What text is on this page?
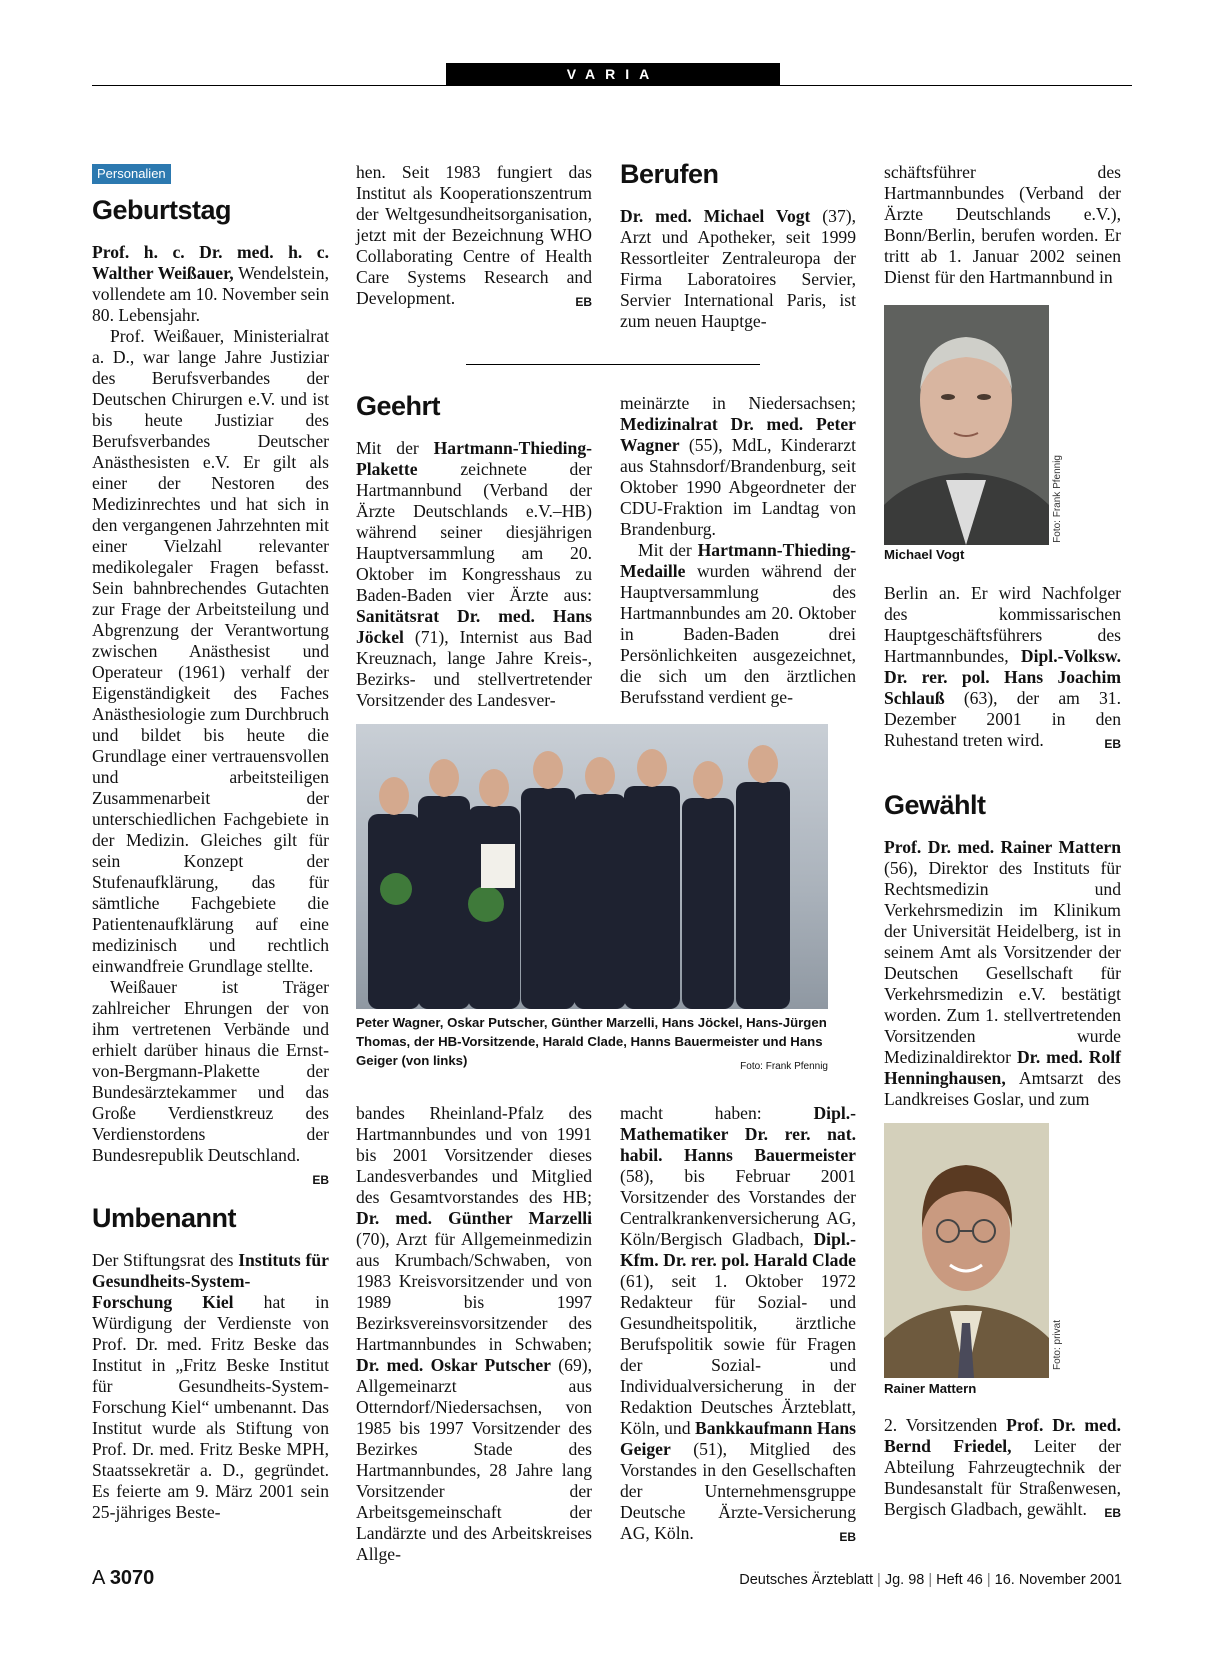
VARIA
Personalien
Geburtstag

Prof. h. c. Dr. med. h. c. Walther Weißauer, Wendelstein, vollendete am 10. November sein 80. Lebensjahr.

Prof. Weißauer, Ministerialrat a. D., war lange Jahre Justiziar des Berufsverbandes der Deutschen Chirurgen e.V. und ist bis heute Justiziar des Berufsverbandes Deutscher Anästhesisten e.V. Er gilt als einer der Nestoren des Medizinrechtes und hat sich in den vergangenen Jahrzehnten mit einer Vielzahl relevanter medikolegaler Fragen befasst. Sein bahnbrechendes Gutachten zur Frage der Arbeitsteilung und Abgrenzung der Verantwortung zwischen Anästhesist und Operateur (1961) verhalf der Eigenständigkeit des Faches Anästhesiologie zum Durchbruch und bildet bis heute die Grundlage einer vertrauensvollen und arbeitsteiligen Zusammenarbeit der unterschiedlichen Fachgebiete in der Medizin. Gleiches gilt für sein Konzept der Stufenaufklärung, das für sämtliche Fachgebiete die Patientenaufklärung auf eine medizinisch und rechtlich einwandfreie Grundlage stellte.

Weißauer ist Träger zahlreicher Ehrungen der von ihm vertretenen Verbände und erhielt darüber hinaus die Ernst-von-Bergmann-Plakette der Bundesärztekammer und das Große Verdienstkreuz des Verdienstordens der Bundesrepublik Deutschland.
EB

Umbenannt

Der Stiftungsrat des Instituts für Gesundheits-System-Forschung Kiel hat in Würdigung der Verdienste von Prof. Dr. med. Fritz Beske das Institut in „Fritz Beske Institut für Gesundheits-System-Forschung Kiel“ umbenannt. Das Institut wurde als Stiftung von Prof. Dr. med. Fritz Beske MPH, Staatssekretär a. D., gegründet. Es feierte am 9. März 2001 sein 25-jähriges Beste-

hen. Seit 1983 fungiert das Institut als Kooperationszentrum der Weltgesundheitsorganisation, jetzt mit der Bezeichnung WHO Collaborating Centre of Health Care Systems Research and Development.	EB

Berufen

Dr. med. Michael Vogt (37), Arzt und Apotheker, seit 1999 Ressortleiter Zentraleuropa der Firma Laboratoires Servier, Servier International Paris, ist zum neuen Hauptge-

schäftsführer des Hartmannbundes (Verband der Ärzte Deutschlands e.V.), Bonn/Berlin, berufen worden. Er tritt ab 1. Januar 2002 seinen Dienst für den Hartmannbund in

Foto: Frank Pfennig
Michael Vogt

Berlin an. Er wird Nachfolger des kommissarischen Hauptgeschäftsführers des Hartmannbundes, Dipl.-Volksw. Dr. rer. pol. Hans Joachim Schlauß (63), der am 31. Dezember 2001 in den Ruhestand treten wird.	EB

Gewählt

Prof. Dr. med. Rainer Mattern (56), Direktor des Instituts für Rechtsmedizin und Verkehrsmedizin im Klinikum der Universität Heidelberg, ist in seinem Amt als Vorsitzender der Deutschen Gesellschaft für Verkehrsmedizin e.V. bestätigt worden. Zum 1. stellvertretenden Vorsitzenden wurde Medizinaldirektor Dr. med. Rolf Henninghausen, Amtsarzt des Landkreises Goslar, und zum

Foto: privat
Rainer Mattern

2. Vorsitzenden Prof. Dr. med. Bernd Friedel, Leiter der Abteilung Fahrzeugtechnik der Bundesanstalt für Straßenwesen, Bergisch Gladbach, gewählt. EB

Geehrt

Mit der Hartmann-Thieding-Plakette zeichnete der Hartmannbund (Verband der Ärzte Deutschlands e.V.–HB) während seiner diesjährigen Hauptversammlung am 20. Oktober im Kongresshaus zu Baden-Baden vier Ärzte aus: Sanitätsrat Dr. med. Hans Jöckel (71), Internist aus Bad Kreuznach, lange Jahre Kreis-, Bezirks- und stellvertretender Vorsitzender des Landesver-

meinärzte in Niedersachsen; Medizinalrat Dr. med. Peter Wagner (55), MdL, Kinderarzt aus Stahnsdorf/Brandenburg, seit Oktober 1990 Abgeordneter der CDU-Fraktion im Landtag von Brandenburg.

Mit der Hartmann-Thieding-Medaille wurden während der Hauptversammlung des Hartmannbundes am 20. Oktober in Baden-Baden drei Persönlichkeiten ausgezeichnet, die sich um den ärztlichen Berufsstand verdient ge-

Peter Wagner, Oskar Putscher, Günther Marzelli, Hans Jöckel, Hans-Jürgen Thomas, der HB-Vorsitzende, Harald Clade, Hanns Bauermeister und Hans Geiger (von links)	Foto: Frank Pfennig

bandes Rheinland-Pfalz des Hartmannbundes und von 1991 bis 2001 Vorsitzender dieses Landesverbandes und Mitglied des Gesamtvorstandes des HB; Dr. med. Günther Marzelli (70), Arzt für Allgemeinmedizin aus Krumbach/Schwaben, von 1983 Kreisvorsitzender und von 1989 bis 1997 Bezirksvereinsvorsitzender des Hartmannbundes in Schwaben; Dr. med. Oskar Putscher (69), Allgemeinarzt aus Otterndorf/Niedersachsen, von 1985 bis 1997 Vorsitzender des Bezirkes Stade des Hartmannbundes, 28 Jahre lang Vorsitzender der Arbeitsgemeinschaft der Landärzte und des Arbeitskreises Allge-

macht haben: Dipl.-Mathematiker Dr. rer. nat. habil. Hanns Bauermeister (58), bis Februar 2001 Vorsitzender des Vorstandes der Centralkrankenversicherung AG, Köln/Bergisch Gladbach, Dipl.-Kfm. Dr. rer. pol. Harald Clade (61), seit 1. Oktober 1972 Redakteur für Sozial- und Gesundheitspolitik, ärztliche Berufspolitik sowie für Fragen der Sozial- und Individualversicherung in der Redaktion Deutsches Ärzteblatt, Köln, und Bankkaufmann Hans Geiger (51), Mitglied des Vorstandes in den Gesellschaften der Unternehmensgruppe Deutsche Ärzte-Versicherung AG, Köln.	EB

A 3070	Deutsches Ärzteblatt | Jg. 98 | Heft 46 | 16. November 2001
